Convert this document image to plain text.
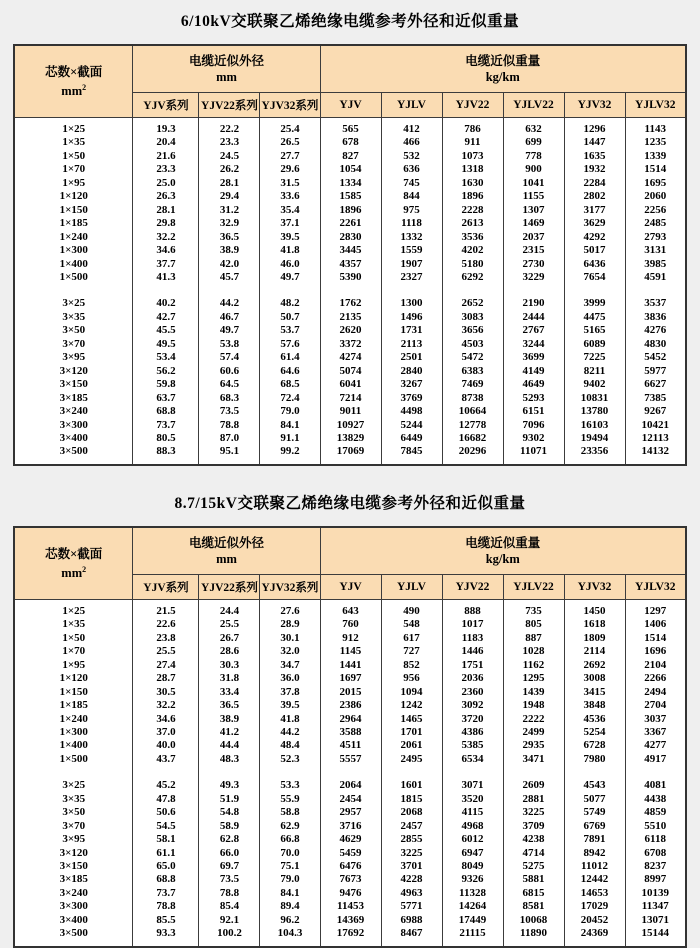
6/10kV交联聚乙烯绝缘电缆参考外径和近似重量
芯数×截面
$mm^2$

电缆近似外径
mm

电缆近似重量
kg/km

	YJV系列	YJV22系列	YJV32系列	YJV	YJLV	YJV22	YJLV22	YJV32	YJLV32
1×25	19.3	22.2	25.4	565	412	786	632	1296	1143
1×35	20.4	23.3	26.5	678	466	911	699	1447	1235
1×50	21.6	24.5	27.7	827	532	1073	778	1635	1339
1×70	23.3	26.2	29.6	1054	636	1318	900	1932	1514
1×95	25.0	28.1	31.5	1334	745	1630	1041	2284	1695
1×120	26.3	29.4	33.6	1585	844	1896	1155	2802	2060
1×150	28.1	31.2	35.4	1896	975	2228	1307	3177	2256
1×185	29.8	32.9	37.1	2261	1118	2613	1469	3629	2485
1×240	32.2	36.5	39.5	2830	1332	3536	2037	4292	2793
1×300	34.6	38.9	41.8	3445	1559	4202	2315	5017	3131
1×400	37.7	42.0	46.0	4357	1907	5180	2730	6436	3985
1×500	41.3	45.7	49.7	5390	2327	6292	3229	7654	4591

3×25	40.2	44.2	48.2	1762	1300	2652	2190	3999	3537
3×35	42.7	46.7	50.7	2135	1496	3083	2444	4475	3836
3×50	45.5	49.7	53.7	2620	1731	3656	2767	5165	4276
3×70	49.5	53.8	57.6	3372	2113	4503	3244	6089	4830
3×95	53.4	57.4	61.4	4274	2501	5472	3699	7225	5452
3×120	56.2	60.6	64.6	5074	2840	6383	4149	8211	5977
3×150	59.8	64.5	68.5	6041	3267	7469	4649	9402	6627
3×185	63.7	68.3	72.4	7214	3769	8738	5293	10831	7385
3×240	68.8	73.5	79.0	9011	4498	10664	6151	13780	9267
3×300	73.7	78.8	84.1	10927	5244	12778	7096	16103	10421
3×400	80.5	87.0	91.1	13829	6449	16682	9302	19494	12113
3×500	88.3	95.1	99.2	17069	7845	20296	11071	23356	14132
8.7/15kV交联聚乙烯绝缘电缆参考外径和近似重量
芯数×截面
$mm^2$

电缆近似外径
mm

电缆近似重量
kg/km

	YJV系列	YJV22系列	YJV32系列	YJV	YJLV	YJV22	YJLV22	YJV32	YJLV32
1×25	21.5	24.4	27.6	643	490	888	735	1450	1297
1×35	22.6	25.5	28.9	760	548	1017	805	1618	1406
1×50	23.8	26.7	30.1	912	617	1183	887	1809	1514
1×70	25.5	28.6	32.0	1145	727	1446	1028	2114	1696
1×95	27.4	30.3	34.7	1441	852	1751	1162	2692	2104
1×120	28.7	31.8	36.0	1697	956	2036	1295	3008	2266
1×150	30.5	33.4	37.8	2015	1094	2360	1439	3415	2494
1×185	32.2	36.5	39.5	2386	1242	3092	1948	3848	2704
1×240	34.6	38.9	41.8	2964	1465	3720	2222	4536	3037
1×300	37.0	41.2	44.2	3588	1701	4386	2499	5254	3367
1×400	40.0	44.4	48.4	4511	2061	5385	2935	6728	4277
1×500	43.7	48.3	52.3	5557	2495	6534	3471	7980	4917

3×25	45.2	49.3	53.3	2064	1601	3071	2609	4543	4081
3×35	47.8	51.9	55.9	2454	1815	3520	2881	5077	4438
3×50	50.6	54.8	58.8	2957	2068	4115	3225	5749	4859
3×70	54.5	58.9	62.9	3716	2457	4968	3709	6769	5510
3×95	58.1	62.8	66.8	4629	2855	6012	4238	7891	6118
3×120	61.1	66.0	70.0	5459	3225	6947	4714	8942	6708
3×150	65.0	69.7	75.1	6476	3701	8049	5275	11012	8237
3×185	68.8	73.5	79.0	7673	4228	9326	5881	12442	8997
3×240	73.7	78.8	84.1	9476	4963	11328	6815	14653	10139
3×300	78.8	85.4	89.4	11453	5771	14264	8581	17029	11347
3×400	85.5	92.1	96.2	14369	6988	17449	10068	20452	13071
3×500	93.3	100.2	104.3	17692	8467	21115	11890	24369	15144
